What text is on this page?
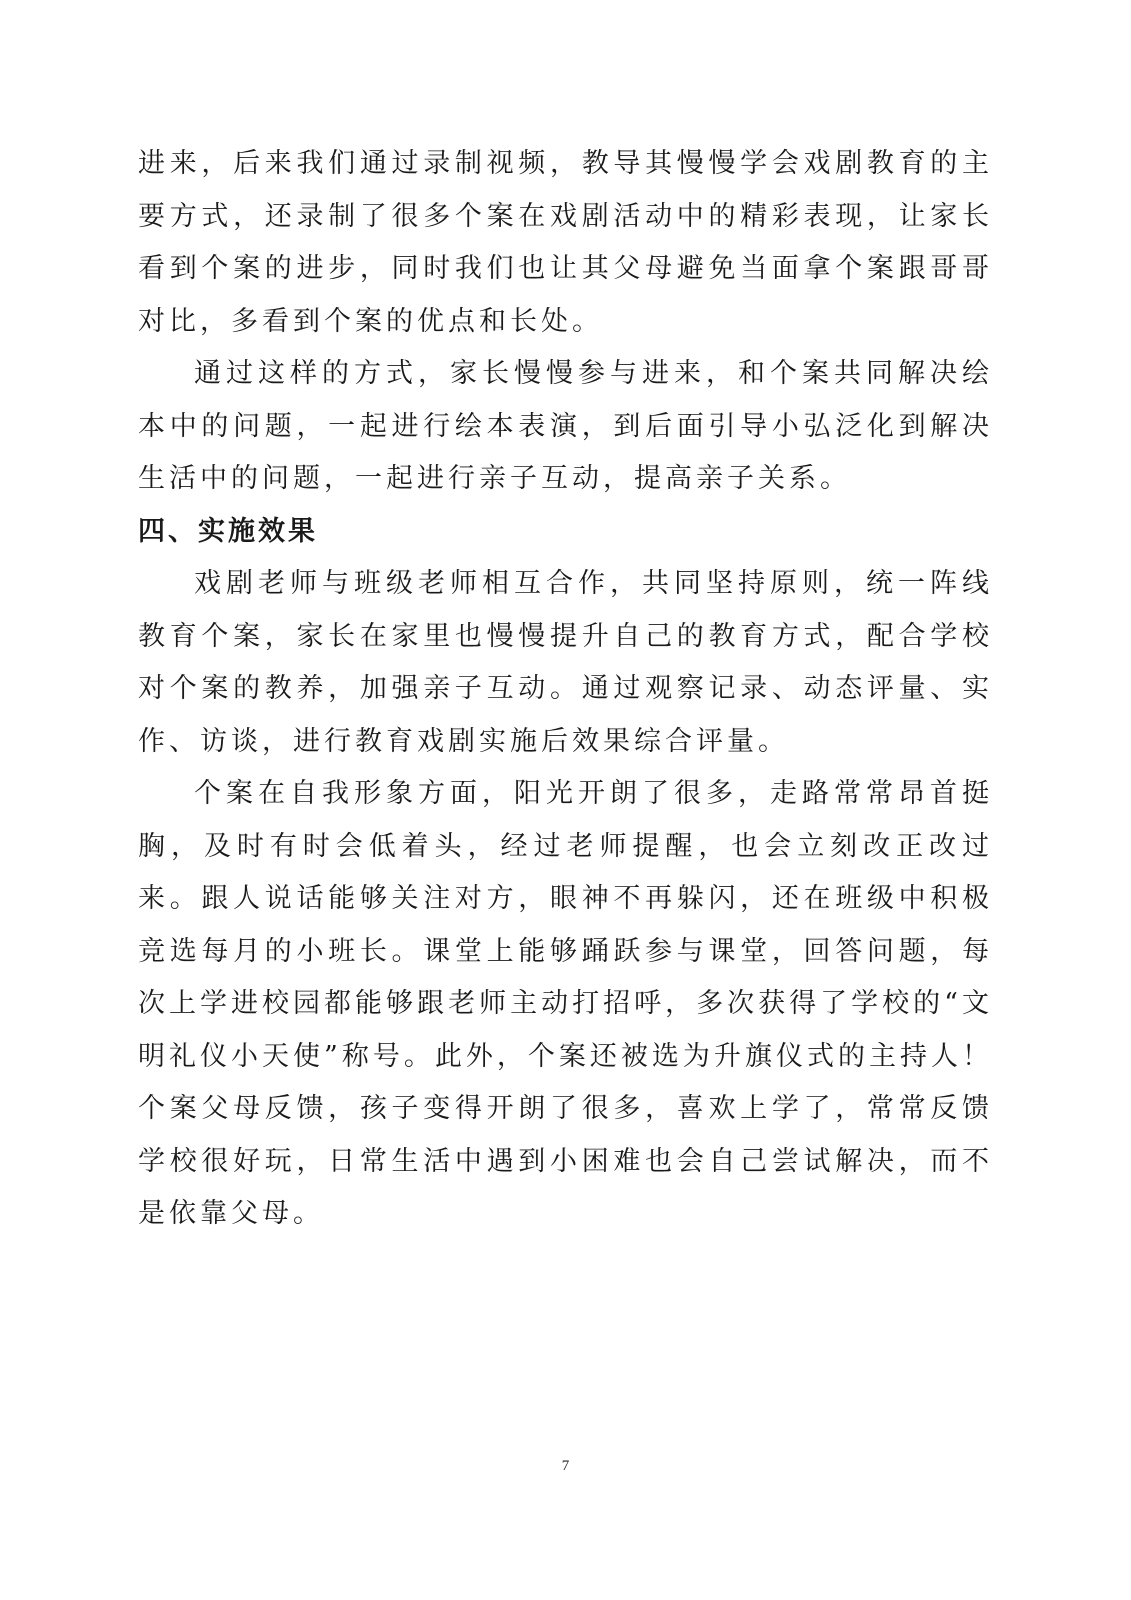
进来，后来我们通过录制视频，教导其慢慢学会戏剧教育的主要方式，还录制了很多个案在戏剧活动中的精彩表现，让家长看到个案的进步，同时我们也让其父母避免当面拿个案跟哥哥对比，多看到个案的优点和长处。

通过这样的方式，家长慢慢参与进来，和个案共同解决绘本中的问题，一起进行绘本表演，到后面引导小弘泛化到解决生活中的问题，一起进行亲子互动，提高亲子关系。

四、实施效果

戏剧老师与班级老师相互合作，共同坚持原则，统一阵线教育个案，家长在家里也慢慢提升自己的教育方式，配合学校对个案的教养，加强亲子互动。通过观察记录、动态评量、实作、访谈，进行教育戏剧实施后效果综合评量。

个案在自我形象方面，阳光开朗了很多，走路常常昂首挺胸，及时有时会低着头，经过老师提醒，也会立刻改正改过来。跟人说话能够关注对方，眼神不再躲闪，还在班级中积极竞选每月的小班长。课堂上能够踊跃参与课堂，回答问题，每次上学进校园都能够跟老师主动打招呼，多次获得了学校的“文明礼仪小天使”称号。此外，个案还被选为升旗仪式的主持人！个案父母反馈，孩子变得开朗了很多，喜欢上学了，常常反馈学校很好玩，日常生活中遇到小困难也会自己尝试解决，而不是依靠父母。

7
